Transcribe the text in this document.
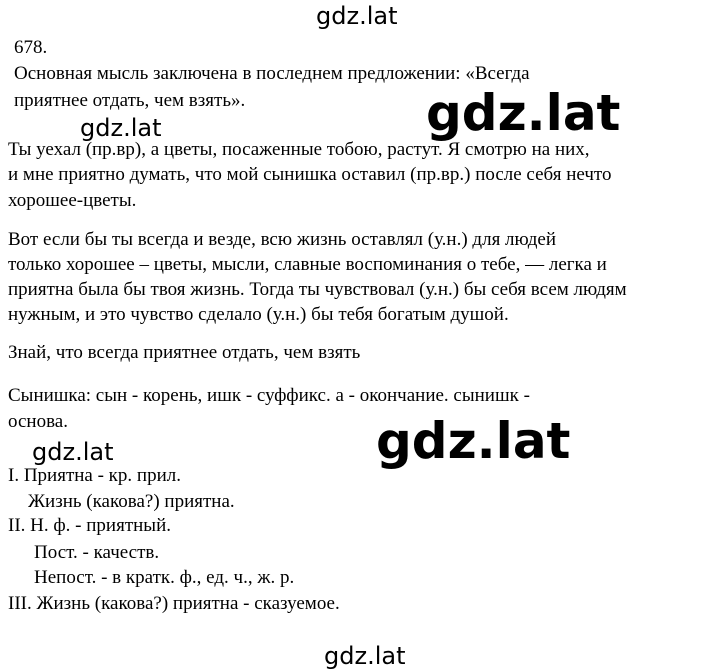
gdz.lat
gdz.lat
gdz.lat
gdz.lat
gdz.lat
gdz.lat
678.
Основная мысль заключена в последнем предложении: «Всегда
приятнее отдать, чем взять».
Ты уехал (пр.вр), а цветы, посаженные тобою, растут. Я смотрю на них,
и мне приятно думать, что мой сынишка оставил (пр.вр.) после себя нечто
хорошее-цветы.
Вот если бы ты всегда и везде, всю жизнь оставлял (у.н.) для людей
только хорошее – цветы, мысли, славные воспоминания о тебе, — легка и
приятна была бы твоя жизнь. Тогда ты чувствовал (у.н.) бы себя всем людям
нужным, и это чувство сделало (у.н.) бы тебя богатым душой.
Знай, что всегда приятнее отдать, чем взять
Сынишка: сын - корень, ишк - суффикс. а - окончание. сынишк -
основа.
I. Приятна - кр. прил.
Жизнь (какова?) приятна.
II. Н. ф. - приятный.
Пост. - качеств.
Непост. - в кратк. ф., ед. ч., ж. р.
III. Жизнь (какова?) приятна - сказуемое.
